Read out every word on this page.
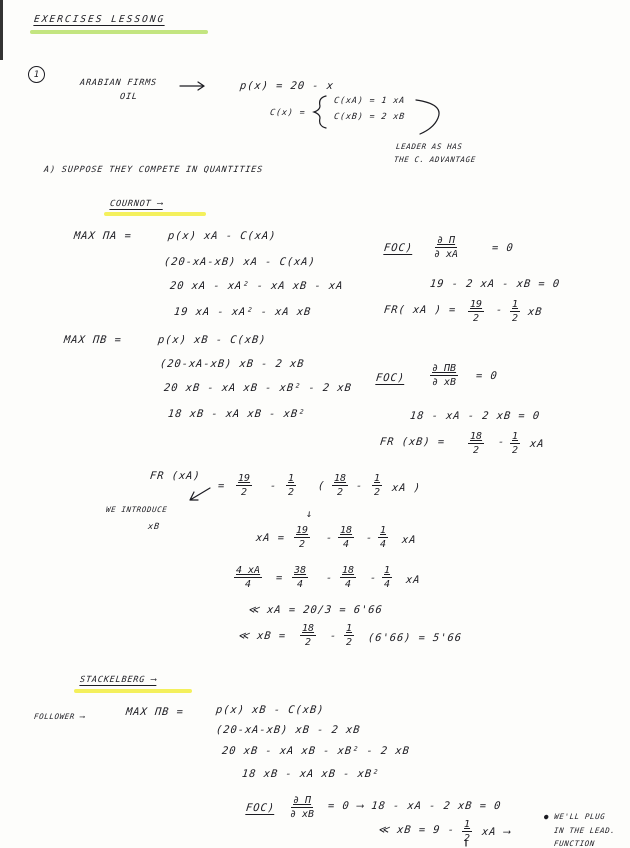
EXERCISES LESSONG
1
ARABIAN FIRMS
OIL
p(x) = 20 - x
C(x) =
C(xA) = 1 xA
C(xB) = 2 xB
LEADER AS HAS
THE C. ADVANTAGE
A) SUPPOSE THEY COMPETE IN QUANTITIES
COURNOT ⟶
MAX ΠA =	p(x) xA - C(xA)
(20-xA-xB) xA - C(xA)
20 xA - xA² - xA xB - xA
19 xA - xA² - xA xB
$FOC) \frac{\partial \Pi}{\partial xA}$	= 0
19 - 2 xA - xB = 0
FR( xA ) = $\frac{19}{2} - \frac{1}{2}$ xB
MAX ΠB =	p(x) xB - C(xB)
(20-xA-xB) xB - 2 xB
20 xB - xA xB - xB² - 2 xB
18 xB - xA xB - xB²
$FOC) \frac{\partial \Pi B}{\partial xB} = 0$
18 - xA - 2 xB = 0
FR $(xB) = \frac{18}{2} - \frac{1}{2}$ xA
FR (xA)
= $\frac{19}{2} - \frac{1}{2}$ ( $\frac{18}{2} - \frac{1}{2}$ xA )
WE INTRODUCE
xB
↓
xA = $\frac{19}{2} - \frac{18}{4} - \frac{1}{4}$ xA
$\frac{4 xA}{4} = \frac{38}{4} - \frac{18}{4} - \frac{1}{4}$ xA
≪ xA = 20/3 = 6'66
≪ xB = $\frac{18}{2} - \frac{1}{2} (6'66) = 5'66$
STACKELBERG ⟶
FOLLOWER ⟶	MAX ΠB =	p(x) xB - C(xB)
(20-xA-xB) xB - 2 xB
20 xB - xA xB - xB² - 2 xB
18 xB - xA xB - xB²
$FOC) \frac{\partial \Pi}{\partial xB} = 0$ ⟶ 18 - xA - 2 xB = 0
≪ xB = $9 - \frac{1}{2}$ xA ⟶
● WE'LL PLUG
IN THE LEAD.
FUNCTION
